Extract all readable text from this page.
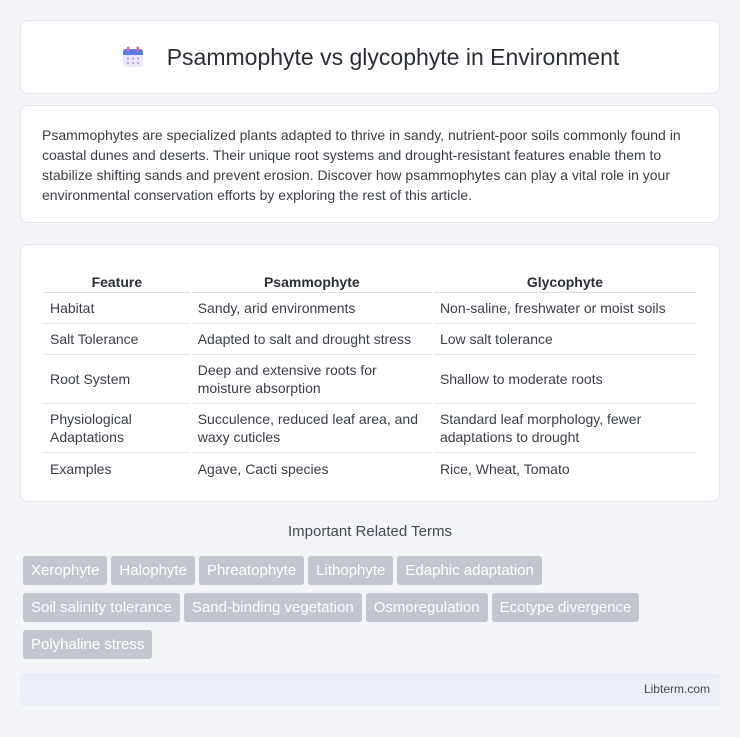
Psammophyte vs glycophyte in Environment

Psammophytes are specialized plants adapted to thrive in sandy, nutrient-poor soils commonly found in coastal dunes and deserts. Their unique root systems and drought-resistant features enable them to stabilize shifting sands and prevent erosion. Discover how psammophytes can play a vital role in your environmental conservation efforts by exploring the rest of this article.

Feature	Psammophyte	Glycophyte
Habitat	Sandy, arid environments	Non-saline, freshwater or moist soils
Salt Tolerance	Adapted to salt and drought stress	Low salt tolerance
Root System	Deep and extensive roots for moisture absorption	Shallow to moderate roots
Physiological Adaptations	Succulence, reduced leaf area, and waxy cuticles	Standard leaf morphology, fewer adaptations to drought
Examples	Agave, Cacti species	Rice, Wheat, Tomato
Important Related Terms
Xerophyte Halophyte Phreatophyte Lithophyte Edaphic adaptationSoil salinity tolerance Sand-binding vegetation Osmoregulation Ecotype divergencePolyhaline stress
Libterm.com
